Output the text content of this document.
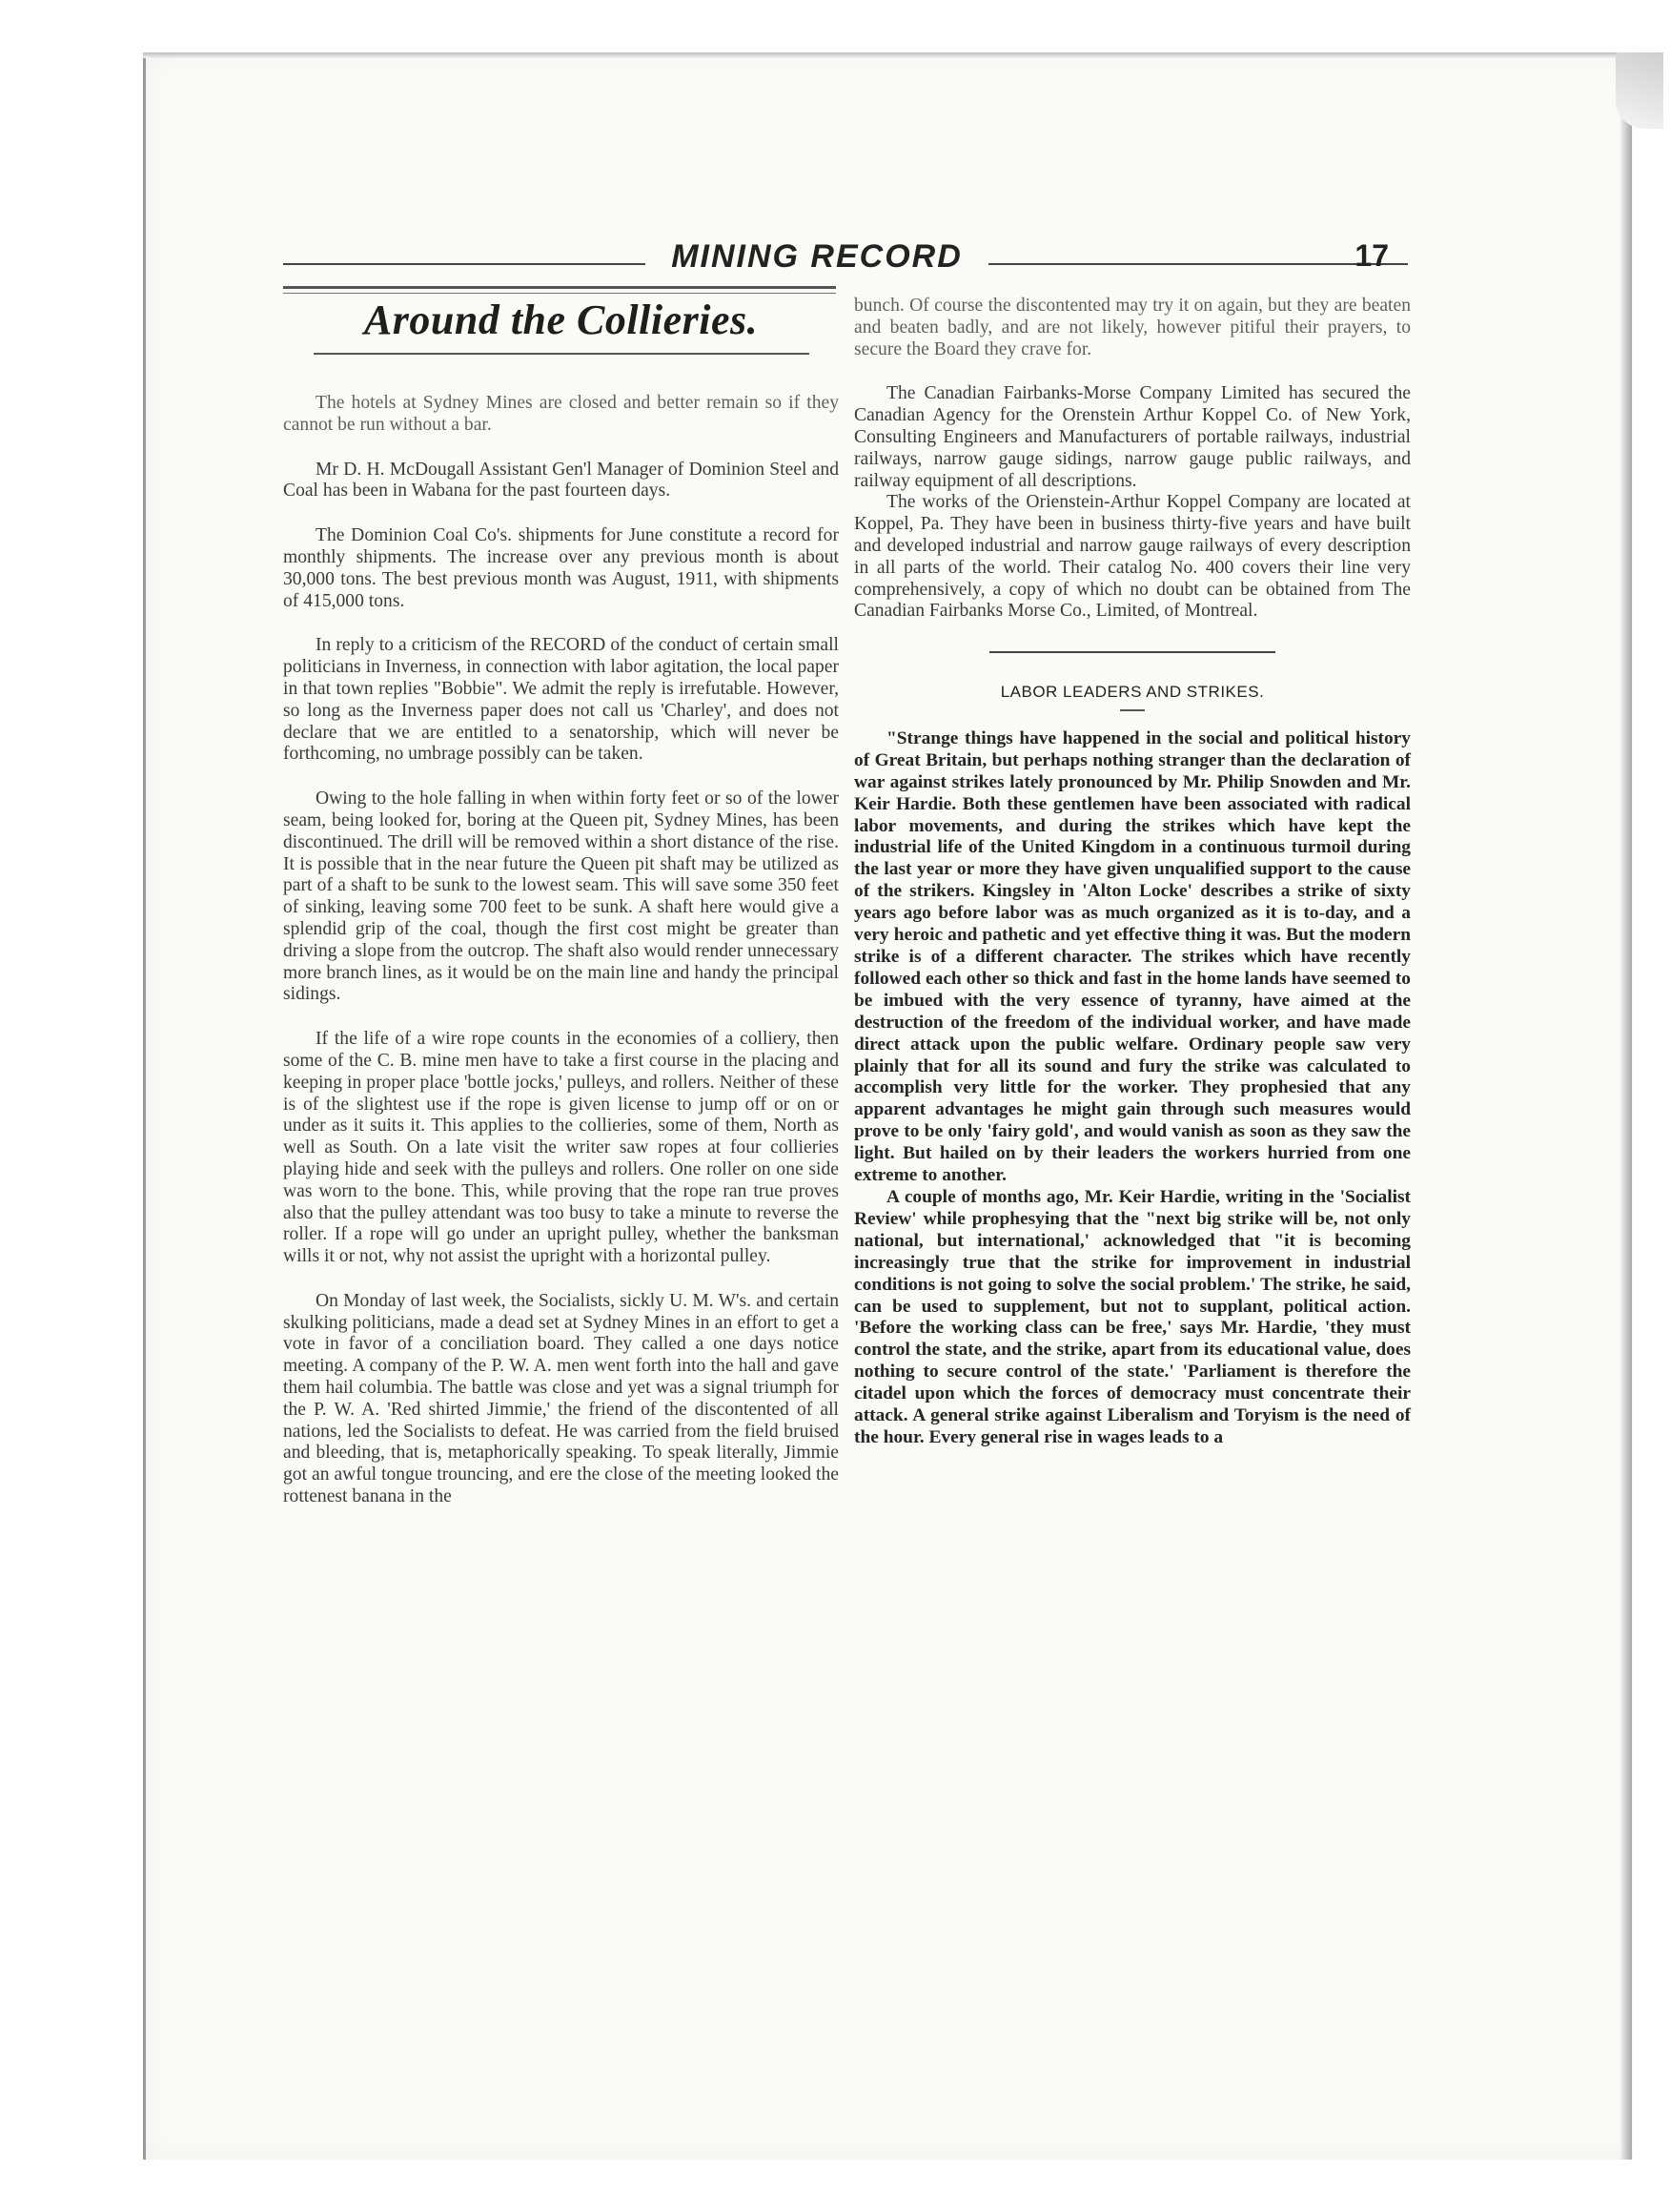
MINING RECORD	17
Around the Collieries.

The hotels at Sydney Mines are closed and better remain so if they cannot be run without a bar.

Mr D. H. McDougall Assistant Gen'l Manager of Dominion Steel and Coal has been in Wabana for the past fourteen days.

The Dominion Coal Co's. shipments for June constitute a record for monthly shipments. The increase over any previous month is about 30,000 tons. The best previous month was August, 1911, with shipments of 415,000 tons.

In reply to a criticism of the RECORD of the conduct of certain small politicians in Inverness, in connection with labor agitation, the local paper in that town replies "Bobbie". We admit the reply is irrefutable. However, so long as the Inverness paper does not call us 'Charley', and does not declare that we are entitled to a senatorship, which will never be forthcoming, no umbrage possibly can be taken.

Owing to the hole falling in when within forty feet or so of the lower seam, being looked for, boring at the Queen pit, Sydney Mines, has been discontinued. The drill will be removed within a short distance of the rise. It is possible that in the near future the Queen pit shaft may be utilized as part of a shaft to be sunk to the lowest seam. This will save some 350 feet of sinking, leaving some 700 feet to be sunk. A shaft here would give a splendid grip of the coal, though the first cost might be greater than driving a slope from the outcrop. The shaft also would render unnecessary more branch lines, as it would be on the main line and handy the principal sidings.

If the life of a wire rope counts in the economies of a colliery, then some of the C. B. mine men have to take a first course in the placing and keeping in proper place 'bottle jocks,' pulleys, and rollers. Neither of these is of the slightest use if the rope is given license to jump off or on or under as it suits it. This applies to the collieries, some of them, North as well as South. On a late visit the writer saw ropes at four collieries playing hide and seek with the pulleys and rollers. One roller on one side was worn to the bone. This, while proving that the rope ran true proves also that the pulley attendant was too busy to take a minute to reverse the roller. If a rope will go under an upright pulley, whether the banksman wills it or not, why not assist the upright with a horizontal pulley.

On Monday of last week, the Socialists, sickly U. M. W's. and certain skulking politicians, made a dead set at Sydney Mines in an effort to get a vote in favor of a conciliation board. They called a one days notice meeting. A company of the P. W. A. men went forth into the hall and gave them hail columbia. The battle was close and yet was a signal triumph for the P. W. A. 'Red shirted Jimmie,' the friend of the discontented of all nations, led the Socialists to defeat. He was carried from the field bruised and bleeding, that is, metaphorically speaking. To speak literally, Jimmie got an awful tongue trouncing, and ere the close of the meeting looked the rottenest banana in the

bunch. Of course the discontented may try it on again, but they are beaten and beaten badly, and are not likely, however pitiful their prayers, to secure the Board they crave for.

The Canadian Fairbanks-Morse Company Limited has secured the Canadian Agency for the Orenstein Arthur Koppel Co. of New York, Consulting Engineers and Manufacturers of portable railways, industrial railways, narrow gauge sidings, narrow gauge public railways, and railway equipment of all descriptions.

The works of the Orienstein-Arthur Koppel Company are located at Koppel, Pa. They have been in business thirty-five years and have built and developed industrial and narrow gauge railways of every description in all parts of the world. Their catalog No. 400 covers their line very comprehensively, a copy of which no doubt can be obtained from The Canadian Fairbanks Morse Co., Limited, of Montreal.

LABOR LEADERS AND STRIKES.

"Strange things have happened in the social and political history of Great Britain, but perhaps nothing stranger than the declaration of war against strikes lately pronounced by Mr. Philip Snowden and Mr. Keir Hardie. Both these gentlemen have been associated with radical labor movements, and during the strikes which have kept the industrial life of the United Kingdom in a continuous turmoil during the last year or more they have given unqualified support to the cause of the strikers. Kingsley in 'Alton Locke' describes a strike of sixty years ago before labor was as much organized as it is to-day, and a very heroic and pathetic and yet effective thing it was. But the modern strike is of a different character. The strikes which have recently followed each other so thick and fast in the home lands have seemed to be imbued with the very essence of tyranny, have aimed at the destruction of the freedom of the individual worker, and have made direct attack upon the public welfare. Ordinary people saw very plainly that for all its sound and fury the strike was calculated to accomplish very little for the worker. They prophesied that any apparent advantages he might gain through such measures would prove to be only 'fairy gold', and would vanish as soon as they saw the light. But hailed on by their leaders the workers hurried from one extreme to another.

A couple of months ago, Mr. Keir Hardie, writing in the 'Socialist Review' while prophesying that the "next big strike will be, not only national, but international,' acknowledged that "it is becoming increasingly true that the strike for improvement in industrial conditions is not going to solve the social problem.' The strike, he said, can be used to supplement, but not to supplant, political action. 'Before the working class can be free,' says Mr. Hardie, 'they must control the state, and the strike, apart from its educational value, does nothing to secure control of the state.' 'Parliament is therefore the citadel upon which the forces of democracy must concentrate their attack. A general strike against Liberalism and Toryism is the need of the hour. Every general rise in wages leads to a
